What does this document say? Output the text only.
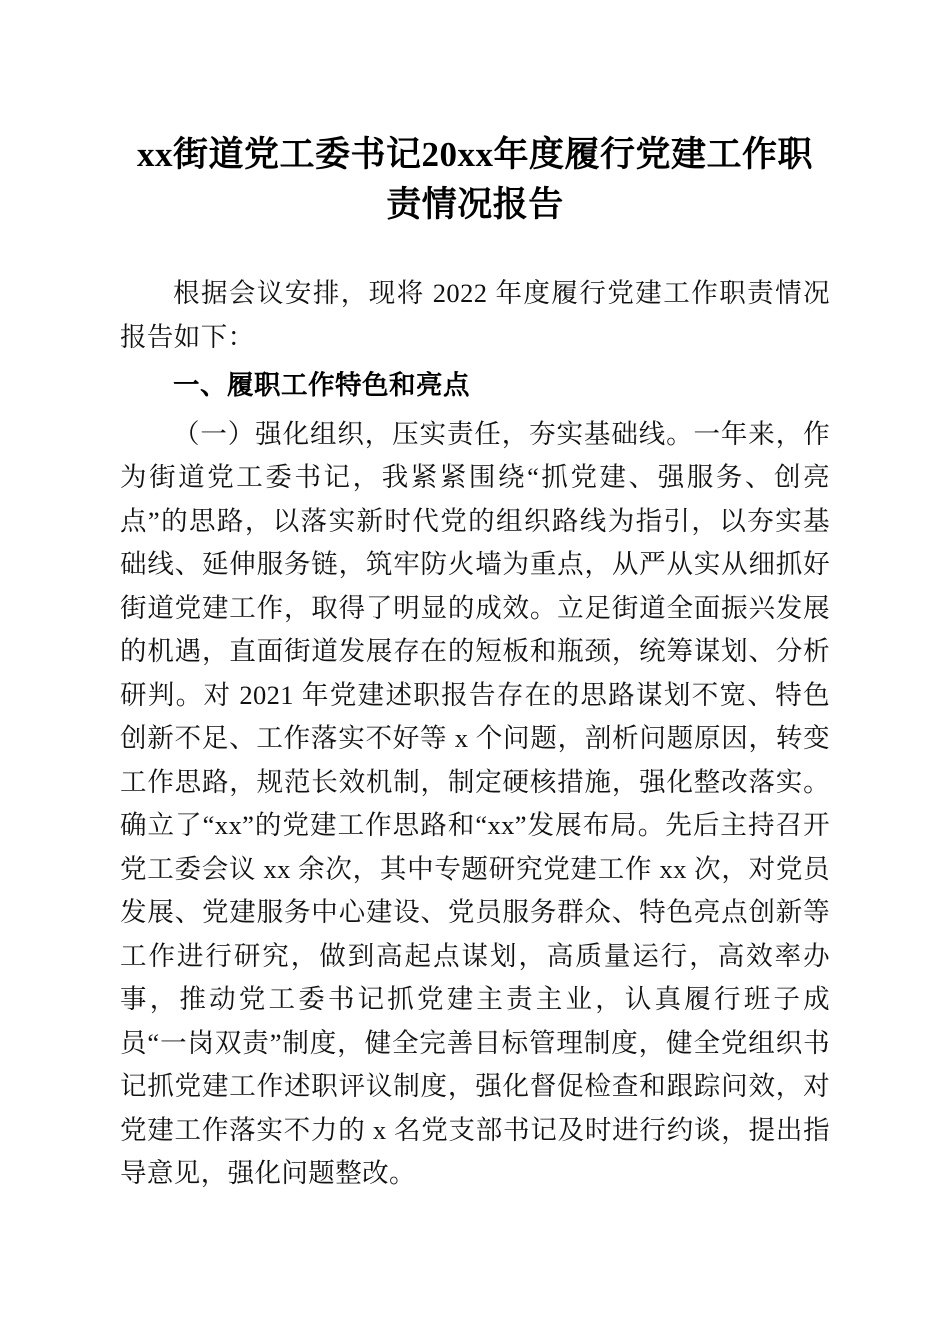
xx街道党工委书记20xx年度履行党建工作职责情况报告

根据会议安排，现将 2022 年度履行党建工作职责情况报告如下：

一、履职工作特色和亮点

（一）强化组织，压实责任，夯实基础线。一年来，作为街道党工委书记，我紧紧围绕“抓党建、强服务、创亮点”的思路，以落实新时代党的组织路线为指引，以夯实基础线、延伸服务链，筑牢防火墙为重点，从严从实从细抓好街道党建工作，取得了明显的成效。立足街道全面振兴发展的机遇，直面街道发展存在的短板和瓶颈，统筹谋划、分析研判。对 2021 年党建述职报告存在的思路谋划不宽、特色创新不足、工作落实不好等 x 个问题，剖析问题原因，转变工作思路，规范长效机制，制定硬核措施，强化整改落实。确立了“xx”的党建工作思路和“xx”发展布局。先后主持召开党工委会议 xx 余次，其中专题研究党建工作 xx 次，对党员发展、党建服务中心建设、党员服务群众、特色亮点创新等工作进行研究，做到高起点谋划，高质量运行，高效率办事，推动党工委书记抓党建主责主业，认真履行班子成员“一岗双责”制度，健全完善目标管理制度，健全党组织书记抓党建工作述职评议制度，强化督促检查和跟踪问效，对党建工作落实不力的 x 名党支部书记及时进行约谈，提出指导意见，强化问题整改。
